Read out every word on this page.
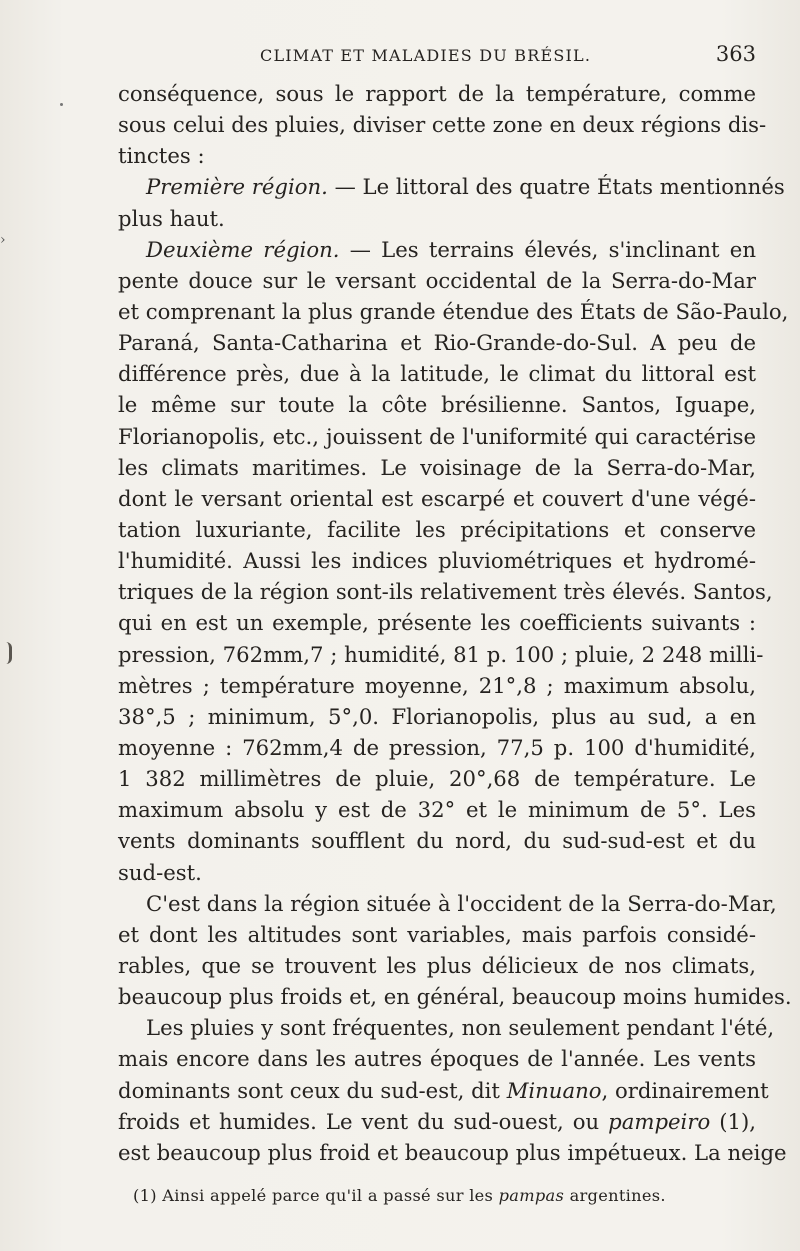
›
CLIMAT ET MALADIES DU BRÉSIL.	363
conséquence, sous le rapport de la température, comme
sous celui des pluies, diviser cette zone en deux régions dis-
tinctes :
Première région. — Le littoral des quatre États mentionnés
plus haut.
Deuxième région. — Les terrains élevés, s'inclinant en
pente douce sur le versant occidental de la Serra-do-Mar
et comprenant la plus grande étendue des États de São-Paulo,
Paraná, Santa-Catharina et Rio-Grande-do-Sul. A peu de
différence près, due à la latitude, le climat du littoral est
le même sur toute la côte brésilienne. Santos, Iguape,
Florianopolis, etc., jouissent de l'uniformité qui caractérise
les climats maritimes. Le voisinage de la Serra-do-Mar,
dont le versant oriental est escarpé et couvert d'une végé-
tation luxuriante, facilite les précipitations et conserve
l'humidité. Aussi les indices pluviométriques et hydromé-
triques de la région sont-ils relativement très élevés. Santos,
qui en est un exemple, présente les coefficients suivants :
pression, 762mm,7 ; humidité, 81 p. 100 ; pluie, 2 248 milli-
mètres ; température moyenne, 21°,8 ; maximum absolu,
38°,5 ; minimum, 5°,0. Florianopolis, plus au sud, a en
moyenne : 762mm,4 de pression, 77,5 p. 100 d'humidité,
1 382 millimètres de pluie, 20°,68 de température. Le
maximum absolu y est de 32° et le minimum de 5°. Les
vents dominants soufflent du nord, du sud-sud-est et du
sud-est.
C'est dans la région située à l'occident de la Serra-do-Mar,
et dont les altitudes sont variables, mais parfois considé-
rables, que se trouvent les plus délicieux de nos climats,
beaucoup plus froids et, en général, beaucoup moins humides.
Les pluies y sont fréquentes, non seulement pendant l'été,
mais encore dans les autres époques de l'année. Les vents
dominants sont ceux du sud-est, dit Minuano, ordinairement
froids et humides. Le vent du sud-ouest, ou pampeiro (1),
est beaucoup plus froid et beaucoup plus impétueux. La neige
(1) Ainsi appelé parce qu'il a passé sur les pampas argentines.
